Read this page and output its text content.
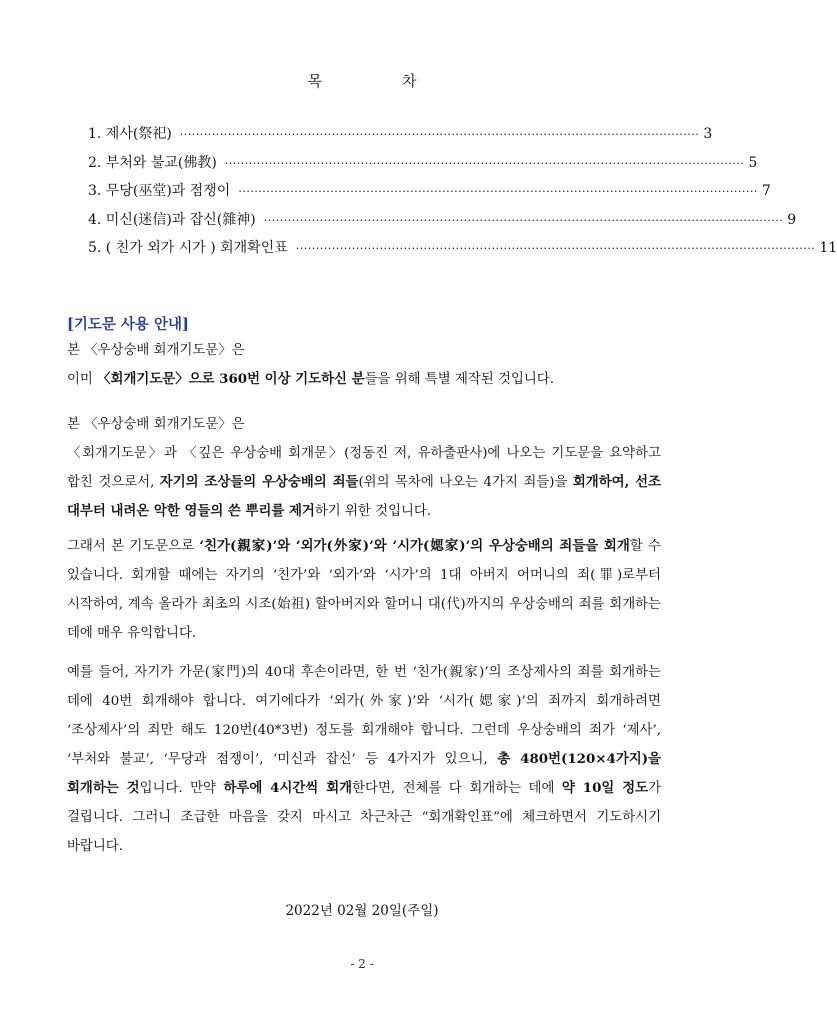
목	차
1. 제사(祭祀) ·································································································································· 3
2. 부처와 불교(佛教) ·································································································································· 5
3. 무당(巫堂)과 점쟁이 ·································································································································· 7
4. 미신(迷信)과 잡신(雜神) ·································································································································· 9
5. ( 친가 외가 시가 ) 회개확인표 ·································································································································· 11
[기도문 사용 안내]
본 〈우상숭배 회개기도문〉은
이미 〈회개기도문〉으로 360번 이상 기도하신 분들을 위해 특별 제작된 것입니다.
본 〈우상숭배 회개기도문〉은
〈회개기도문〉과 〈깊은 우상숭배 회개문〉(정동진 저, 유하출판사)에 나오는 기도문을 요약하고 합친 것으로서, 자기의 조상들의 우상숭배의 죄들(위의 목차에 나오는 4가지 죄들)을 회개하여, 선조 대부터 내려온 악한 영들의 쓴 뿌리를 제거하기 위한 것입니다.
그래서 본 기도문으로 ‘친가(親家)’와 ‘외가(外家)’와 ‘시가(媤家)’의 우상숭배의 죄들을 회개할 수 있습니다. 회개할 때에는 자기의 ‘친가’와 ‘외가’와 ‘시가’의 1대 아버지 어머니의 죄(罪)로부터 시작하여, 계속 올라가 최초의 시조(始祖) 할아버지와 할머니 대(代)까지의 우상숭배의 죄를 회개하는 데에 매우 유익합니다.
예를 들어, 자기가 가문(家門)의 40대 후손이라면, 한 번 ‘친가(親家)’의 조상제사의 죄를 회개하는 데에 40번 회개해야 합니다. 여기에다가 ‘외가(外家)’와 ‘시가(媤家)’의 죄까지 회개하려면 ‘조상제사’의 죄만 해도 120번(40*3번) 정도를 회개해야 합니다. 그런데 우상숭배의 죄가 ‘제사’, ‘부처와 불교’, ‘무당과 점쟁이’, ‘미신과 잡신’ 등 4가지가 있으니, 총 480번(120×4가지)을 회개하는 것입니다. 만약 하루에 4시간씩 회개한다면, 전체를 다 회개하는 데에 약 10일 정도가 걸립니다. 그러니 조급한 마음을 갖지 마시고 차근차근 “회개확인표”에 체크하면서 기도하시기 바랍니다.
2022년 02월 20일(주일)
- 2 -
